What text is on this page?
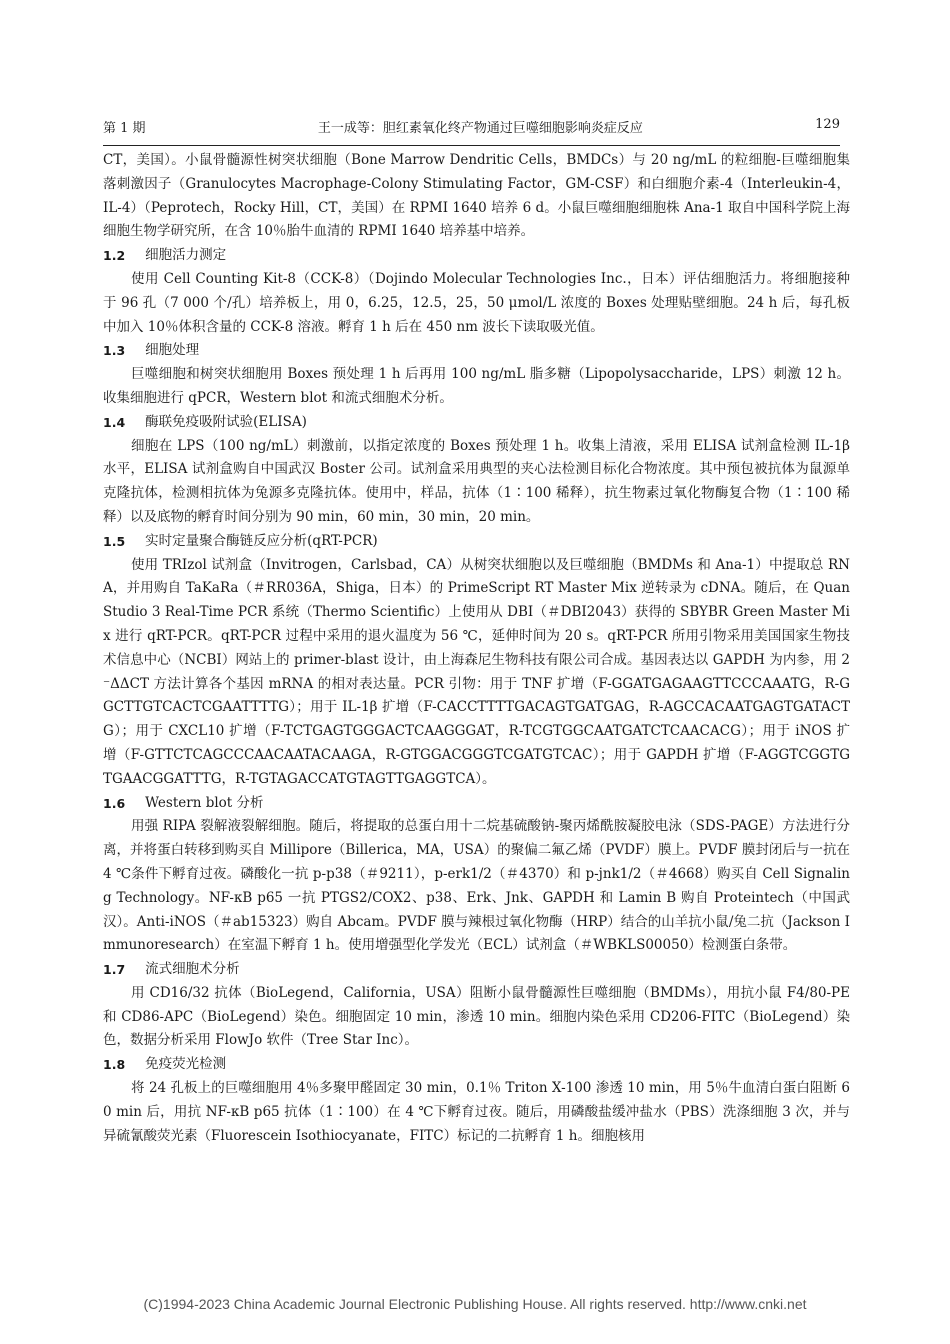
第 1 期	王一成等：胆红素氧化终产物通过巨噬细胞影响炎症反应	129

CT，美国）。小鼠骨髓源性树突状细胞（Bone Marrow Dendritic Cells，BMDCs）与 20 ng/mL 的粒细胞-巨噬细胞集落刺激因子（Granulocytes Macrophage-Colony Stimulating Factor，GM-CSF）和白细胞介素-4（Interleukin-4，IL-4）（Peprotech，Rocky Hill，CT，美国）在 RPMI 1640 培养 6 d。小鼠巨噬细胞细胞株 Ana-1 取自中国科学院上海细胞生物学研究所，在含 10％胎牛血清的 RPMI 1640 培养基中培养。

1.2 细胞活力测定

使用 Cell Counting Kit-8（CCK-8）（Dojindo Molecular Technologies Inc.，日本）评估细胞活力。将细胞接种于 96 孔（7 000 个/孔）培养板上，用 0，6.25，12.5，25，50 μmol/L 浓度的 Boxes 处理贴壁细胞。24 h 后，每孔板中加入 10％体积含量的 CCK-8 溶液。孵育 1 h 后在 450 nm 波长下读取吸光值。

1.3 细胞处理

巨噬细胞和树突状细胞用 Boxes 预处理 1 h 后再用 100 ng/mL 脂多糖（Lipopolysaccharide，LPS）刺激 12 h。收集细胞进行 qPCR，Western blot 和流式细胞术分析。

1.4 酶联免疫吸附试验(ELISA)

细胞在 LPS（100 ng/mL）刺激前，以指定浓度的 Boxes 预处理 1 h。收集上清液，采用 ELISA 试剂盒检测 IL-1β 水平，ELISA 试剂盒购自中国武汉 Boster 公司。试剂盒采用典型的夹心法检测目标化合物浓度。其中预包被抗体为鼠源单克隆抗体，检测相抗体为兔源多克隆抗体。使用中，样品，抗体（1∶100 稀释），抗生物素过氧化物酶复合物（1∶100 稀释）以及底物的孵育时间分别为 90 min，60 min，30 min，20 min。

1.5 实时定量聚合酶链反应分析(qRT-PCR)

使用 TRIzol 试剂盒（Invitrogen，Carlsbad，CA）从树突状细胞以及巨噬细胞（BMDMs 和 Ana-1）中提取总 RNA，并用购自 TaKaRa（＃RR036A，Shiga，日本）的 PrimeScript RT Master Mix 逆转录为 cDNA。随后，在 QuanStudio 3 Real-Time PCR 系统（Thermo Scientific）上使用从 DBI（＃DBI2043）获得的 SBYBR Green Master Mix 进行 qRT-PCR。qRT-PCR 过程中采用的退火温度为 56 ℃，延伸时间为 20 s。qRT-PCR 所用引物采用美国国家生物技术信息中心（NCBI）网站上的 primer-blast 设计，由上海森尼生物科技有限公司合成。基因表达以 GAPDH 为内参，用 2⁻ΔΔCT 方法计算各个基因 mRNA 的相对表达量。PCR 引物：用于 TNF 扩增（F-GGATGAGAAGTTCCCAAATG，R-GGCTTGTCACTCGAATTTTG）；用于 IL-1β 扩增（F-CACCTTTTGACAGTGATGAG，R-AGCCACAATGAGTGATACTG）；用于 CXCL10 扩增（F-TCTGAGTGGGACTCAAGGGAT，R-TCGTGGCAATGATCTCAACACG）；用于 iNOS 扩增（F-GTTCTCAGCCCAACAATACAAGA，R-GTGGACGGGTCGATGTCAC）；用于 GAPDH 扩增（F-AGGTCGGTGTGAACGGATTTG，R-TGTAGACCATGTAGTTGAGGTCA）。

1.6 Western blot 分析

用强 RIPA 裂解液裂解细胞。随后，将提取的总蛋白用十二烷基硫酸钠-聚丙烯酰胺凝胶电泳（SDS-PAGE）方法进行分离，并将蛋白转移到购买自 Millipore（Billerica，MA，USA）的聚偏二氟乙烯（PVDF）膜上。PVDF 膜封闭后与一抗在 4 ℃条件下孵育过夜。磷酸化一抗 p-p38（＃9211），p-erk1/2（＃4370）和 p-jnk1/2（＃4668）购买自 Cell Signaling Technology。NF-κB p65 一抗 PTGS2/COX2、p38、Erk、Jnk、GAPDH 和 Lamin B 购自 Proteintech（中国武汉）。Anti-iNOS（＃ab15323）购自 Abcam。PVDF 膜与辣根过氧化物酶（HRP）结合的山羊抗小鼠/兔二抗（Jackson Immunoresearch）在室温下孵育 1 h。使用增强型化学发光（ECL）试剂盒（＃WBKLS00050）检测蛋白条带。

1.7 流式细胞术分析

用 CD16/32 抗体（BioLegend，California，USA）阻断小鼠骨髓源性巨噬细胞（BMDMs），用抗小鼠 F4/80-PE 和 CD86-APC（BioLegend）染色。细胞固定 10 min，渗透 10 min。细胞内染色采用 CD206-FITC（BioLegend）染色，数据分析采用 FlowJo 软件（Tree Star Inc）。

1.8 免疫荧光检测

将 24 孔板上的巨噬细胞用 4％多聚甲醛固定 30 min，0.1％ Triton X-100 渗透 10 min，用 5％牛血清白蛋白阻断 60 min 后，用抗 NF-κB p65 抗体（1∶100）在 4 ℃下孵育过夜。随后，用磷酸盐缓冲盐水（PBS）洗涤细胞 3 次，并与异硫氰酸荧光素（Fluorescein Isothiocyanate，FITC）标记的二抗孵育 1 h。细胞核用

(C)1994-2023 China Academic Journal Electronic Publishing House. All rights reserved. http://www.cnki.net
